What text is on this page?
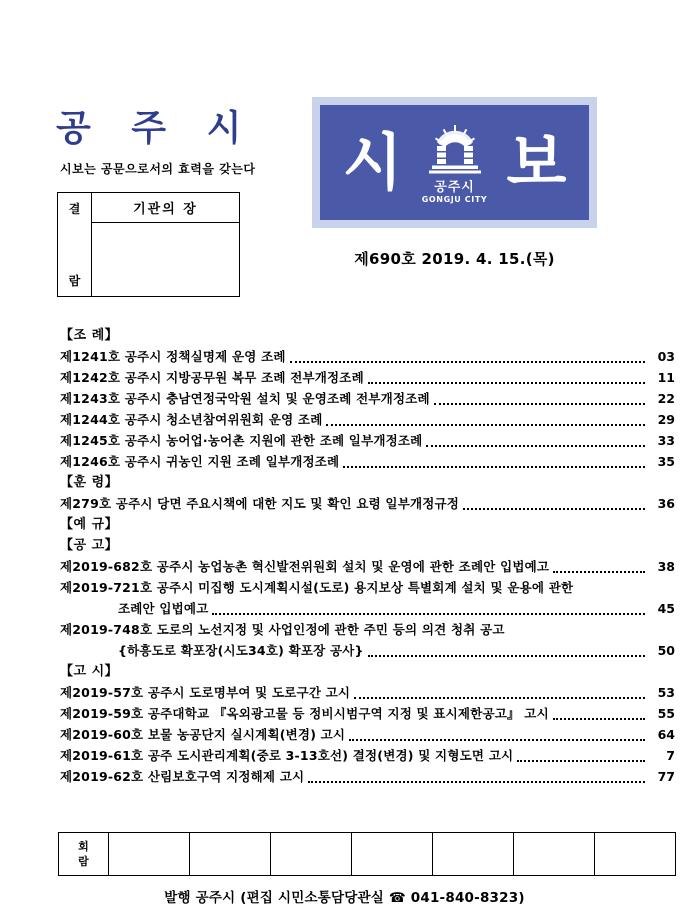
공 주 시
시보는 공문으로서의 효력을 갖는다
결
람
기관의 장
시 공주시
GONGJU CITY
보
제690호 2019. 4. 15.(목)
【조 례】
제1241호 공주시 정책실명제 운영 조례	03
제1242호 공주시 지방공무원 복무 조례 전부개정조례	11
제1243호 공주시 충남연정국악원 설치 및 운영조례 전부개정조례	22
제1244호 공주시 청소년참여위원회 운영 조례	29
제1245호 공주시 농어업·농어촌 지원에 관한 조례 일부개정조례	33
제1246호 공주시 귀농인 지원 조례 일부개정조례	35
【훈 령】
제279호 공주시 당면 주요시책에 대한 지도 및 확인 요령 일부개정규정	36
【예 규】
【공 고】
제2019-682호 공주시 농업농촌 혁신발전위원회 설치 및 운영에 관한 조례안 입법예고	38
제2019-721호 공주시 미집행 도시계획시설(도로) 용지보상 특별회계 설치 및 운용에 관한
조례안 입법예고	45
제2019-748호 도로의 노선지정 및 사업인정에 관한 주민 등의 의견 청취 공고
{하흥도로 확포장(시도34호) 확포장 공사}	50
【고 시】
제2019-57호 공주시 도로명부여 및 도로구간 고시	53
제2019-59호 공주대학교 『옥외광고물 등 정비시범구역 지정 및 표시제한공고』 고시	55
제2019-60호 보물 농공단지 실시계획(변경) 고시	64
제2019-61호 공주 도시관리계획(중로 3-13호선) 결정(변경) 및 지형도면 고시	7
제2019-62호 산림보호구역 지정해제 고시	77
회
람
발행 공주시 (편집 시민소통담당관실 ☎ 041-840-8323)
